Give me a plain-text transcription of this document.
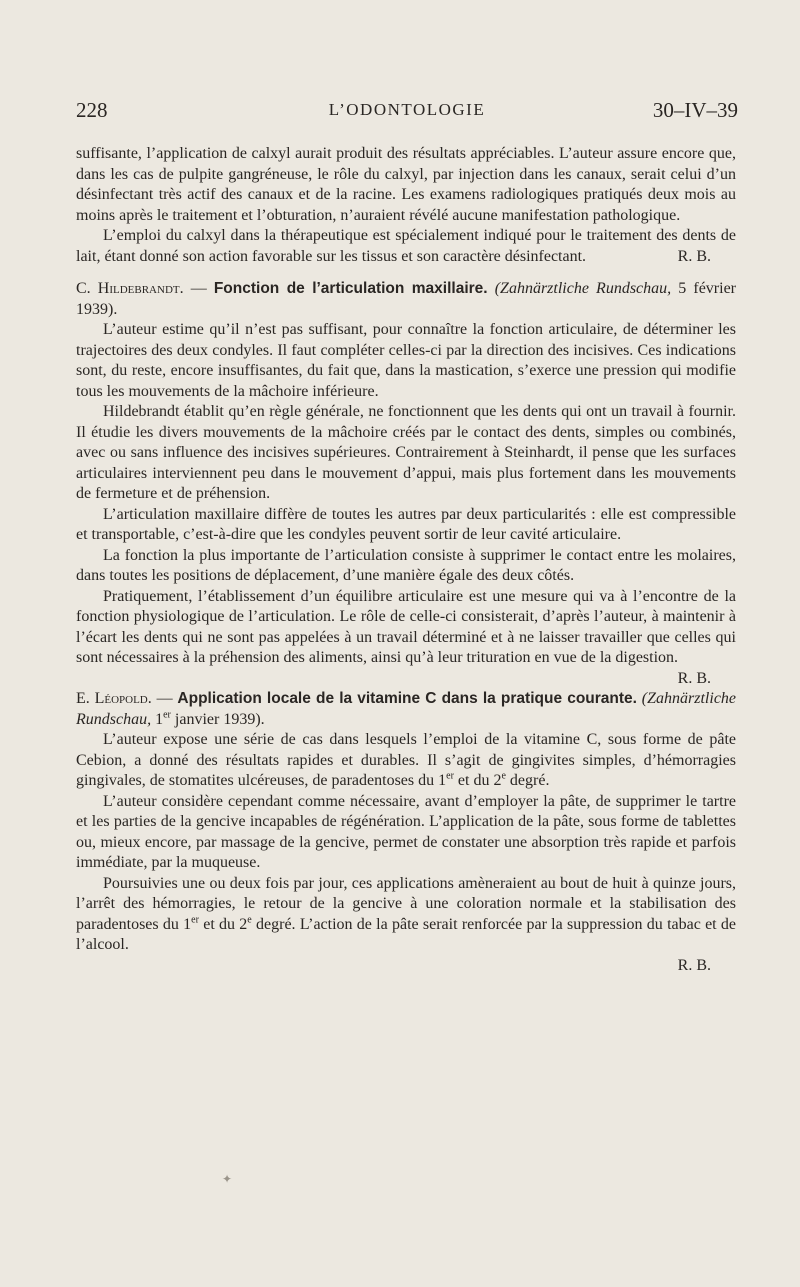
228	L’ODONTOLOGIE	30–IV–39

suffisante, l’application de calxyl aurait produit des résultats appréciables. L’auteur assure encore que, dans les cas de pulpite gangréneuse, le rôle du calxyl, par injection dans les canaux, serait celui d’un désinfectant très actif des canaux et de la racine. Les examens radiologiques pratiqués deux mois au moins après le traitement et l’obturation, n’auraient révélé aucune manifestation pathologique.

L’emploi du calxyl dans la thérapeutique est spécialement indiqué pour le traitement des dents de lait, étant donné son action favorable sur les tissus et son caractère désinfectant.	R. B.

C. Hildebrandt. — Fonction de l’articulation maxillaire. (Zahnärztliche Rundschau, 5 février 1939).

L’auteur estime qu’il n’est pas suffisant, pour connaître la fonction articulaire, de déterminer les trajectoires des deux condyles. Il faut compléter celles-ci par la direction des incisives. Ces indications sont, du reste, encore insuffisantes, du fait que, dans la mastication, s’exerce une pression qui modifie tous les mouvements de la mâchoire inférieure.

Hildebrandt établit qu’en règle générale, ne fonctionnent que les dents qui ont un travail à fournir. Il étudie les divers mouvements de la mâchoire créés par le contact des dents, simples ou combinés, avec ou sans influence des incisives supérieures. Contrairement à Steinhardt, il pense que les surfaces articulaires interviennent peu dans le mouvement d’appui, mais plus fortement dans les mouvements de fermeture et de préhension.

L’articulation maxillaire diffère de toutes les autres par deux particularités : elle est compressible et transportable, c’est-à-dire que les condyles peuvent sortir de leur cavité articulaire.

La fonction la plus importante de l’articulation consiste à supprimer le contact entre les molaires, dans toutes les positions de déplacement, d’une manière égale des deux côtés.

Pratiquement, l’établissement d’un équilibre articulaire est une mesure qui va à l’encontre de la fonction physiologique de l’articulation. Le rôle de celle-ci consisterait, d’après l’auteur, à maintenir à l’écart les dents qui ne sont pas appelées à un travail déterminé et à ne laisser travailler que celles qui sont nécessaires à la préhension des aliments, ainsi qu’à leur trituration en vue de la digestion.

R. B.

E. Léopold. — Application locale de la vitamine C dans la pratique courante. (Zahnärztliche Rundschau, 1er janvier 1939).

L’auteur expose une série de cas dans lesquels l’emploi de la vitamine C, sous forme de pâte Cebion, a donné des résultats rapides et durables. Il s’agit de gingivites simples, d’hémorragies gingivales, de stomatites ulcéreuses, de paradentoses du 1er et du 2e degré.

L’auteur considère cependant comme nécessaire, avant d’employer la pâte, de supprimer le tartre et les parties de la gencive incapables de régénération. L’application de la pâte, sous forme de tablettes ou, mieux encore, par massage de la gencive, permet de constater une absorption très rapide et parfois immédiate, par la muqueuse.

Poursuivies une ou deux fois par jour, ces applications amèneraient au bout de huit à quinze jours, l’arrêt des hémorragies, le retour de la gencive à une coloration normale et la stabilisation des paradentoses du 1er et du 2e degré. L’action de la pâte serait renforcée par la suppression du tabac et de l’alcool.

R. B.

✦
